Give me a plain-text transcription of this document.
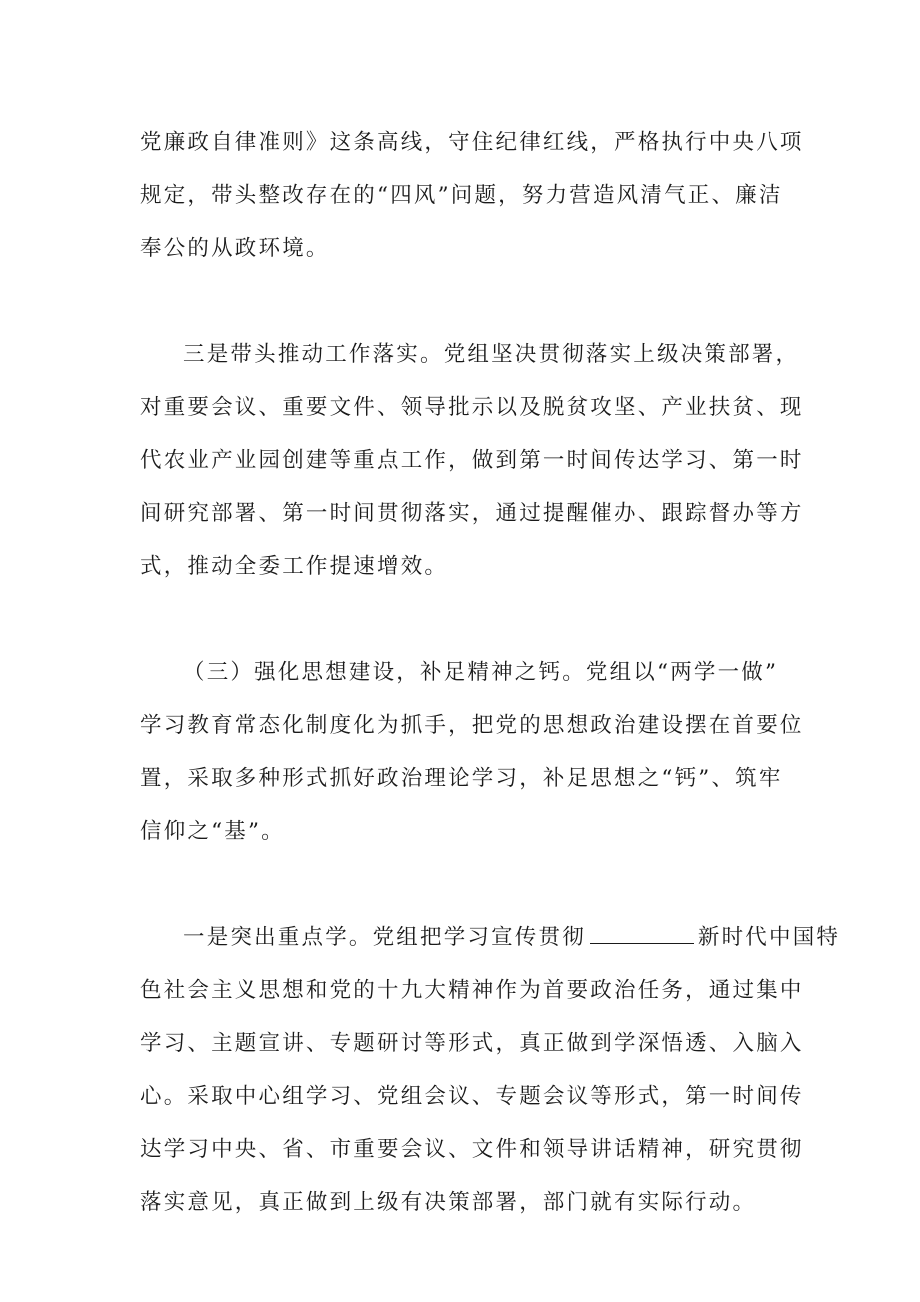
党廉政自律准则》这条高线，守住纪律红线，严格执行中央八项
规定，带头整改存在的“四风”问题，努力营造风清气正、廉洁
奉公的从政环境。

三是带头推动工作落实。党组坚决贯彻落实上级决策部署，
对重要会议、重要文件、领导批示以及脱贫攻坚、产业扶贫、现
代农业产业园创建等重点工作，做到第一时间传达学习、第一时
间研究部署、第一时间贯彻落实，通过提醒催办、跟踪督办等方
式，推动全委工作提速增效。

（三）强化思想建设，补足精神之钙。党组以“两学一做”
学习教育常态化制度化为抓手，把党的思想政治建设摆在首要位
置，采取多种形式抓好政治理论学习，补足思想之“钙”、筑牢
信仰之“基”。

一是突出重点学。党组把学习宣传贯彻	新时代中国特
色社会主义思想和党的十九大精神作为首要政治任务，通过集中
学习、主题宣讲、专题研讨等形式，真正做到学深悟透、入脑入
心。采取中心组学习、党组会议、专题会议等形式，第一时间传
达学习中央、省、市重要会议、文件和领导讲话精神，研究贯彻
落实意见，真正做到上级有决策部署，部门就有实际行动。
